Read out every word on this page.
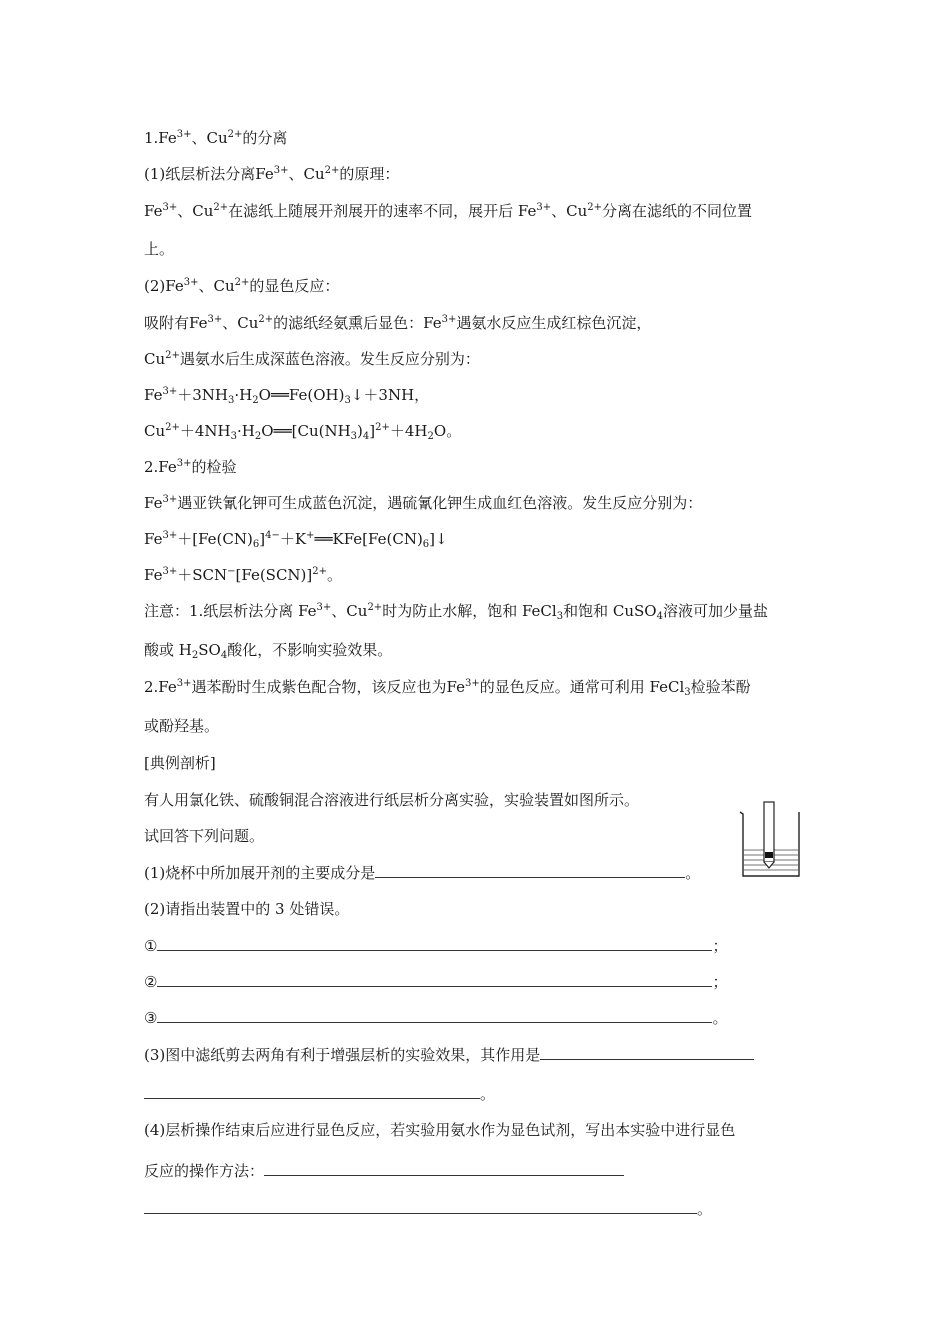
$1.Fe^{3+}$、$Cu^{2+}$的分离
(1)纸层析法分离$Fe^{3+}$、$Cu^{2+}$的原理：
$Fe^{3+}$、$Cu^{2+}$在滤纸上随展开剂展开的速率不同，展开后 $Fe^{3+}$、$Cu^{2+}$分离在滤纸的不同位置
上。
$(2)Fe^{3+}$、$Cu^{2+}$的显色反应：
吸附有$Fe^{3+}$、$Cu^{2+}$的滤纸经氨熏后显色：$Fe^{3+}$遇氨水反应生成红棕色沉淀，
$Cu^{2+}$遇氨水后生成深蓝色溶液。发生反应分别为：
$Fe^{3+}+3NH_3\cdot H_2O══Fe(OH)_3↓+3NH$，
$Cu^{2+}+4NH_3\cdot H_2O══[Cu(NH_3)_4]^{2+}+4H_2O$。
$2.Fe^{3+}$的检验
$Fe^{3+}$遇亚铁氰化钾可生成蓝色沉淀，遇硫氰化钾生成血红色溶液。发生反应分别为：
$Fe^{3+}+[Fe(CN)_6]^{4-}+K^+══KFe[Fe(CN)_6]↓$
$Fe^{3+}+SCN^-[Fe(SCN)]^{2+}$。
注意：1.纸层析法分离 $Fe^{3+}$、$Cu^{2+}$时为防止水解，饱和 FeCl$_3$和饱和 CuSO$_4$溶液可加少量盐
酸或 $H_2SO_4$酸化，不影响实验效果。
$2.Fe^{3+}$遇苯酚时生成紫色配合物，该反应也为$Fe^{3+}$的显色反应。通常可利用 FeCl$_3$检验苯酚
或酚羟基。
[典例剖析]
有人用氯化铁、硫酸铜混合溶液进行纸层析分离实验，实验装置如图所示。
试回答下列问题。
(1)烧杯中所加展开剂的主要成分是	。
(2)请指出装置中的 3 处错误。
①	；
②	；
③	。
(3)图中滤纸剪去两角有利于增强层析的实验效果，其作用是
。
(4)层析操作结束后应进行显色反应，若实验用氨水作为显色试剂，写出本实验中进行显色
反应的操作方法：
。
